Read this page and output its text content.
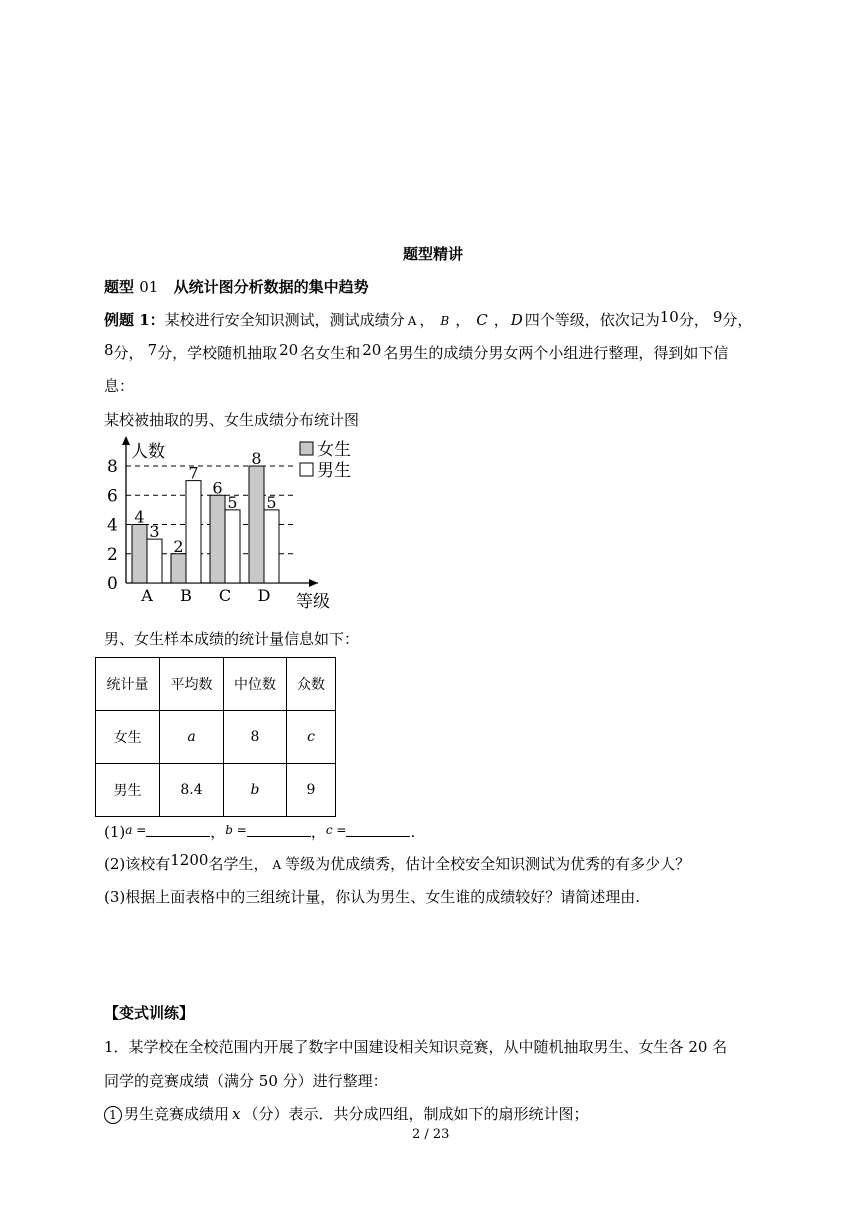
题型精讲
题型 01 从统计图分析数据的集中趋势
例题 1：某校进行安全知识测试，测试成绩分 A ， B ， C ， D 四个等级，依次记为10分， 9分，
8分， 7分，学校随机抽取 20 名女生和 20 名男生的成绩分男女两个小组进行整理，得到如下信
息：
某校被抽取的男、女生成绩分布统计图
0
2
4
6
8
人数
等级
4
3
A
2
7
B
6
5
C
8
5
D
女生
男生
男、女生样本成绩的统计量信息如下：
统计量	平均数	中位数	众数
女生	a	8	c
男生	8.4	b	9
$(1)^{a =}$	，$^{b =}$	，$^{c =}$	.
(2)该校有1200名学生， A 等级为优成绩秀，估计全校安全知识测试为优秀的有多少人？
(3)根据上面表格中的三组统计量，你认为男生、女生谁的成绩较好？请简述理由.
【变式训练】
1．某学校在全校范围内开展了数字中国建设相关知识竞赛，从中随机抽取男生、女生各 20 名
同学的竞赛成绩（满分 50 分）进行整理：
1 男生竞赛成绩用 x （分）表示．共分成四组，制成如下的扇形统计图；
2 / 23
